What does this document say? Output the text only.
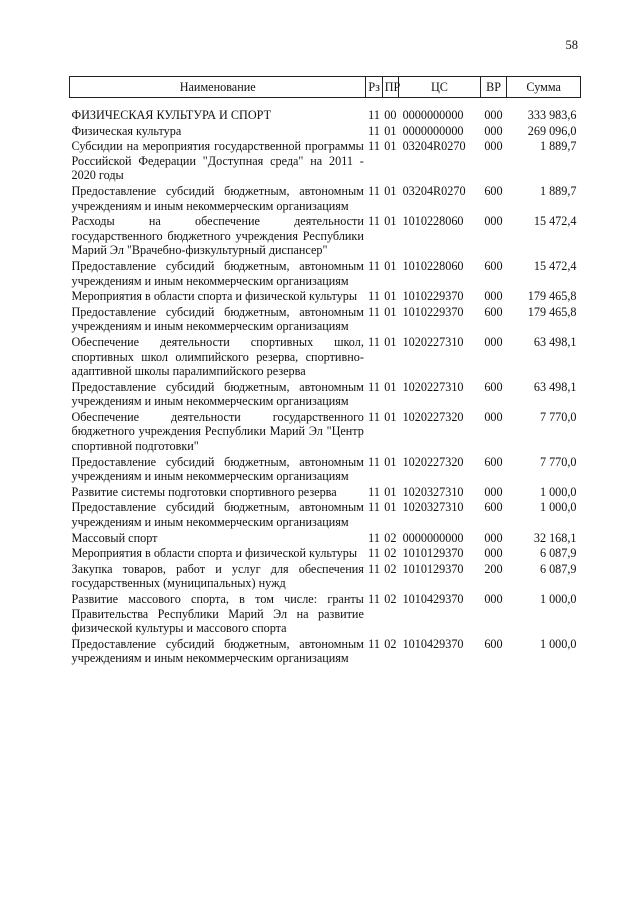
58
Наименование	Рз	ПР	ЦС	ВР	Сумма
ФИЗИЧЕСКАЯ КУЛЬТУРА И СПОРТ	11	00	0000000000	000	333 983,6
Физическая культура	11	01	0000000000	000	269 096,0
Субсидии на мероприятия государственной программы Российской Федерации "Доступная среда" на 2011 - 2020 годы	11	01	03204R0270	000	1 889,7
Предоставление субсидий бюджетным, автономным учреждениям и иным некоммерческим организациям	11	01	03204R0270	600	1 889,7
Расходы на обеспечение деятельности государственного бюджетного учреждения Республики Марий Эл "Врачебно-физкультурный диспансер"	11	01	1010228060	000	15 472,4
Предоставление субсидий бюджетным, автономным учреждениям и иным некоммерческим организациям	11	01	1010228060	600	15 472,4
Мероприятия в области спорта и физической культуры	11	01	1010229370	000	179 465,8
Предоставление субсидий бюджетным, автономным учреждениям и иным некоммерческим организациям	11	01	1010229370	600	179 465,8
Обеспечение деятельности спортивных школ, спортивных школ олимпийского резерва, спортивно-адаптивной школы паралимпийского резерва	11	01	1020227310	000	63 498,1
Предоставление субсидий бюджетным, автономным учреждениям и иным некоммерческим организациям	11	01	1020227310	600	63 498,1
Обеспечение деятельности государственного бюджетного учреждения Республики Марий Эл "Центр спортивной подготовки"	11	01	1020227320	000	7 770,0
Предоставление субсидий бюджетным, автономным учреждениям и иным некоммерческим организациям	11	01	1020227320	600	7 770,0
Развитие системы подготовки спортивного резерва	11	01	1020327310	000	1 000,0
Предоставление субсидий бюджетным, автономным учреждениям и иным некоммерческим организациям	11	01	1020327310	600	1 000,0
Массовый спорт	11	02	0000000000	000	32 168,1
Мероприятия в области спорта и физической культуры	11	02	1010129370	000	6 087,9
Закупка товаров, работ и услуг для обеспечения государственных (муниципальных) нужд	11	02	1010129370	200	6 087,9
Развитие массового спорта, в том числе: гранты Правительства Республики Марий Эл на развитие физической культуры и массового спорта	11	02	1010429370	000	1 000,0
Предоставление субсидий бюджетным, автономным учреждениям и иным некоммерческим организациям	11	02	1010429370	600	1 000,0
